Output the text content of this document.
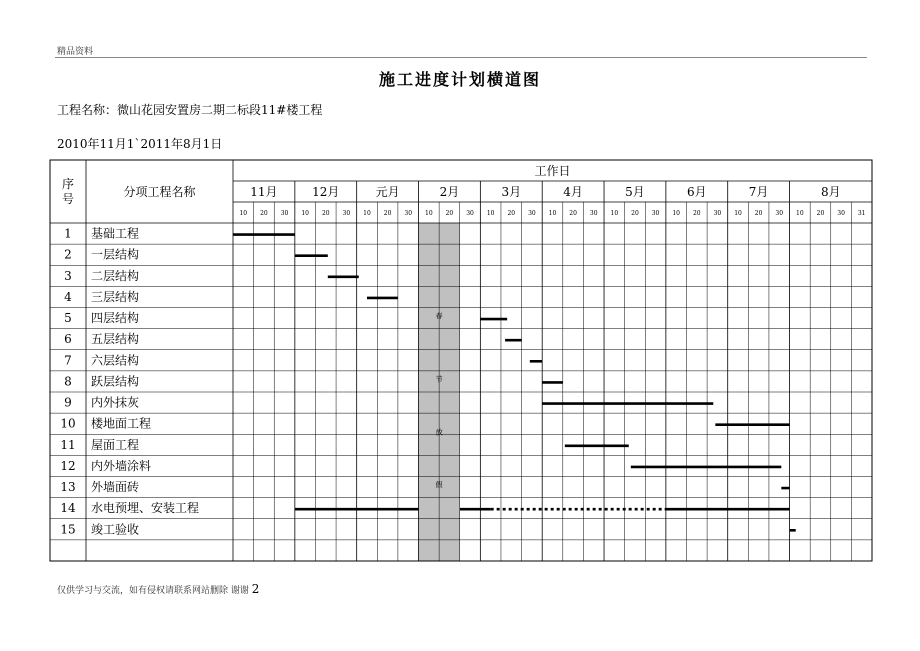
精品资料
施工进度计划横道图
工程名称：微山花园安置房二期二标段11#楼工程
2010年11月1`2011年8月1日
春
节
放
假
序
号	分项工程名称
工作日
11月
10 20 30
12月
10 20 30
元月
10 20 30
2月
10 20 30
3月
10 20 30
4月
10 20 30
5月
10 20 30
6月
10 20 30
7月
10 20 30
8月
10 20 30 31
1 基础工程
2 一层结构
3 二层结构
4 三层结构
5 四层结构
6 五层结构
7 六层结构
8 跃层结构
9 内外抹灰
10 楼地面工程
11 屋面工程
12 内外墙涂料
13 外墙面砖
14 水电预埋、安装工程
15 竣工验收
仅供学习与交流，如有侵权请联系网站删除 谢谢 2
